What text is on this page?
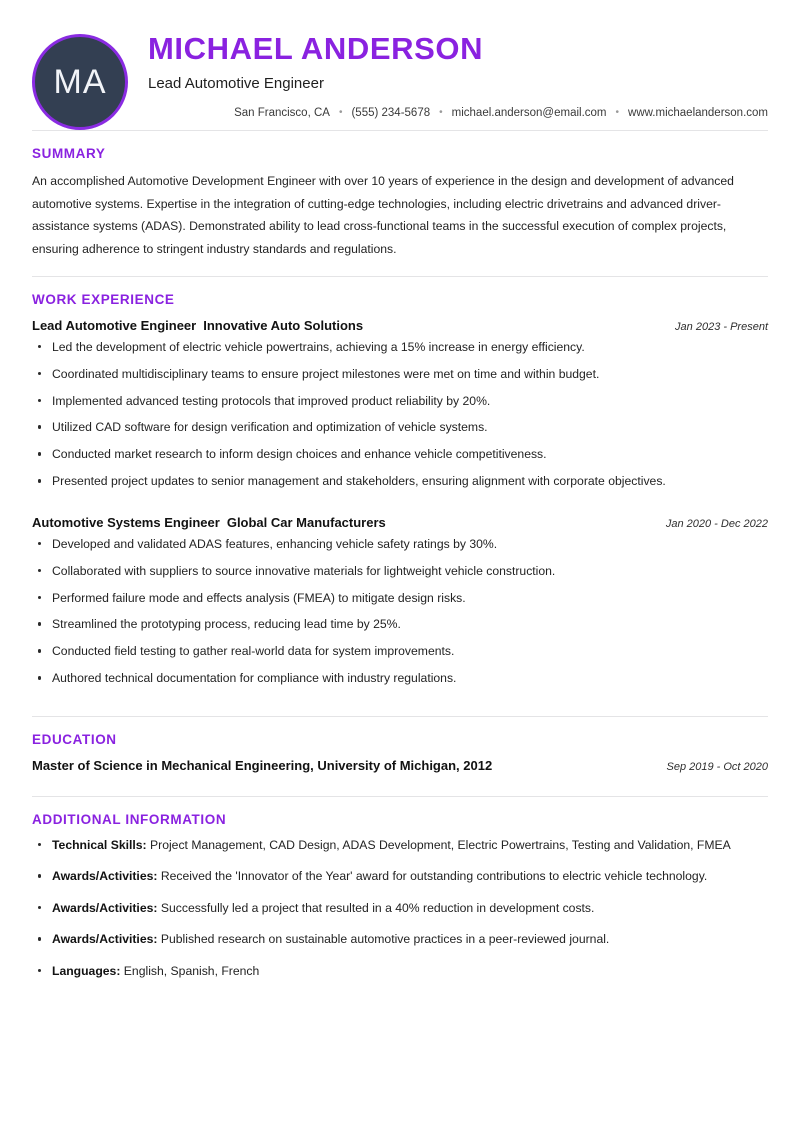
MA
MICHAEL ANDERSON
Lead Automotive Engineer
San Francisco, CA • (555) 234-5678 • michael.anderson@email.com • www.michaelanderson.com
SUMMARY

An accomplished Automotive Development Engineer with over 10 years of experience in the design and development of advanced automotive systems. Expertise in the integration of cutting-edge technologies, including electric drivetrains and advanced driver-assistance systems (ADAS). Demonstrated ability to lead cross-functional teams in the successful execution of complex projects, ensuring adherence to stringent industry standards and regulations.

WORK EXPERIENCE
Lead Automotive Engineer Innovative Auto Solutions	Jan 2023 - Present
Led the development of electric vehicle powertrains, achieving a 15% increase in energy efficiency.
Coordinated multidisciplinary teams to ensure project milestones were met on time and within budget.
Implemented advanced testing protocols that improved product reliability by 20%.
Utilized CAD software for design verification and optimization of vehicle systems.
Conducted market research to inform design choices and enhance vehicle competitiveness.
Presented project updates to senior management and stakeholders, ensuring alignment with corporate objectives.
Automotive Systems Engineer Global Car Manufacturers	Jan 2020 - Dec 2022
Developed and validated ADAS features, enhancing vehicle safety ratings by 30%.
Collaborated with suppliers to source innovative materials for lightweight vehicle construction.
Performed failure mode and effects analysis (FMEA) to mitigate design risks.
Streamlined the prototyping process, reducing lead time by 25%.
Conducted field testing to gather real-world data for system improvements.
Authored technical documentation for compliance with industry regulations.
EDUCATION
Master of Science in Mechanical Engineering, University of Michigan, 2012	Sep 2019 - Oct 2020
ADDITIONAL INFORMATION
Technical Skills: Project Management, CAD Design, ADAS Development, Electric Powertrains, Testing and Validation, FMEA
Awards/Activities: Received the 'Innovator of the Year' award for outstanding contributions to electric vehicle technology.
Awards/Activities: Successfully led a project that resulted in a 40% reduction in development costs.
Awards/Activities: Published research on sustainable automotive practices in a peer-reviewed journal.
Languages: English, Spanish, French
